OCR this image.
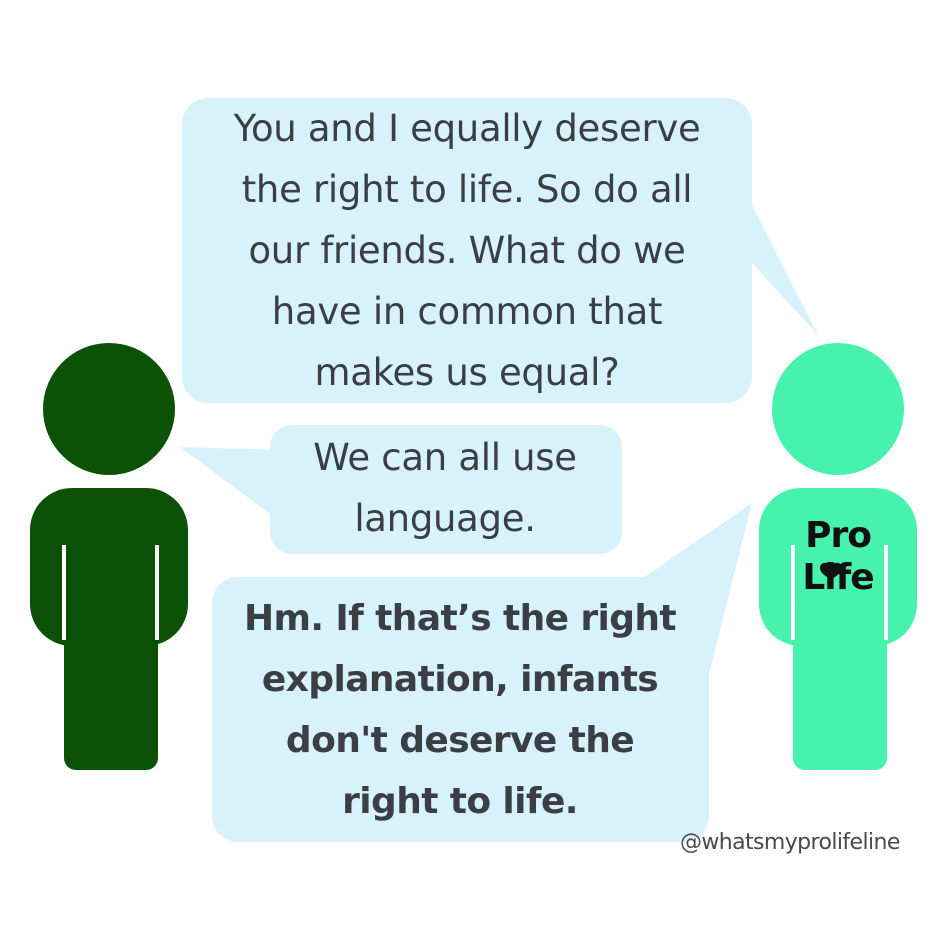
You and I equally deserve
the right to life. So do all
our friends. What do we
have in common that
makes us equal?
We can all use
language.
Hm. If that’s the right
explanation, infants
don't deserve the
right to life.
Pro
Life
@whatsmyprolifeline
